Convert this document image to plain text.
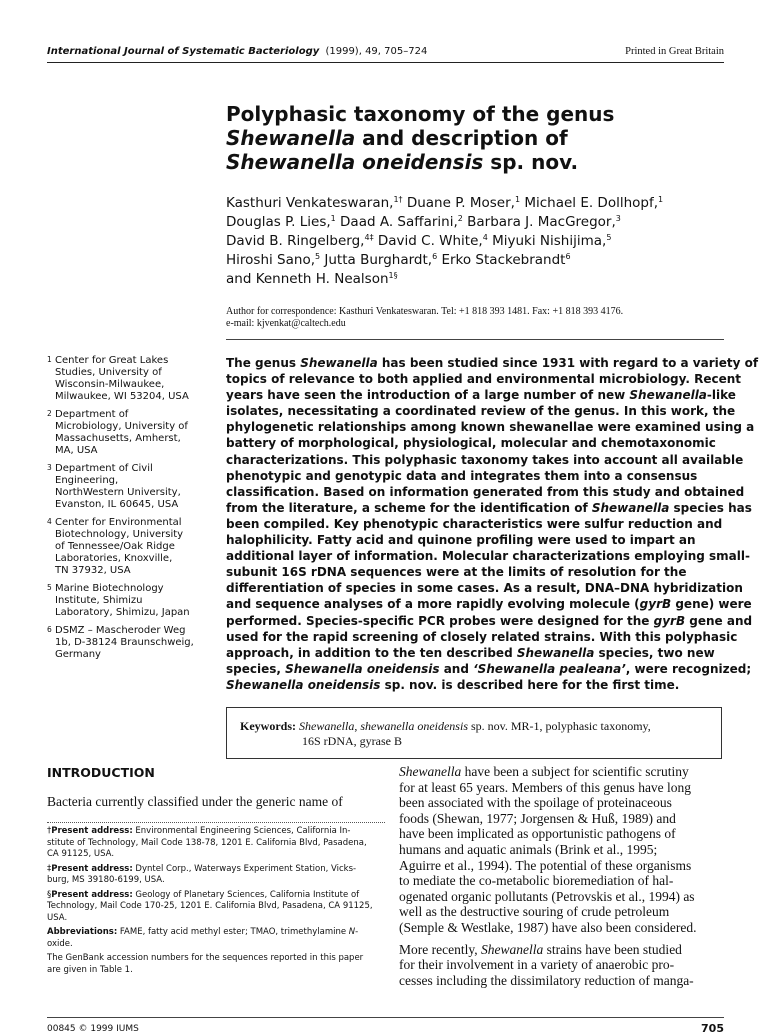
International Journal of Systematic Bacteriology (1999), 49, 705–724	Printed in Great Britain
Polyphasic taxonomy of the genus
Shewanella and description of
Shewanella oneidensis sp. nov.
Kasthuri Venkateswaran,$^{1\dagger}$ Duane P. Moser,$^1$ Michael E. Dollhopf,$^1$
Douglas P. Lies,$^1$ Daad A. Saffarini,$^2$ Barbara J. MacGregor,$^3$
David B. Ringelberg,$^{4\ddagger}$ David C. White,$^4$ Miyuki Nishijima,$^5$
Hiroshi Sano,$^5$ Jutta Burghardt,$^6$ Erko Stackebrandt$^6$
and Kenneth H. Nealson$^{1\S}$
Author for correspondence: Kasthuri Venkateswaran. Tel: +1 818 393 1481. Fax: +1 818 393 4176.
e-mail: kjvenkat@caltech.edu
1 Center for Great Lakes
Studies, University of
Wisconsin-Milwaukee,
Milwaukee, WI 53204, USA
2 Department of
Microbiology, University of
Massachusetts, Amherst,
MA, USA
3 Department of Civil
Engineering,
NorthWestern University,
Evanston, IL 60645, USA
4 Center for Environmental
Biotechnology, University
of Tennessee/Oak Ridge
Laboratories, Knoxville,
TN 37932, USA
5 Marine Biotechnology
Institute, Shimizu
Laboratory, Shimizu, Japan
6 DSMZ – Mascheroder Weg
1b, D-38124 Braunschweig,
Germany
The genus Shewanella has been studied since 1931 with regard to a variety of
topics of relevance to both applied and environmental microbiology. Recent
years have seen the introduction of a large number of new Shewanella-like
isolates, necessitating a coordinated review of the genus. In this work, the
phylogenetic relationships among known shewanellae were examined using a
battery of morphological, physiological, molecular and chemotaxonomic
characterizations. This polyphasic taxonomy takes into account all available
phenotypic and genotypic data and integrates them into a consensus
classification. Based on information generated from this study and obtained
from the literature, a scheme for the identification of Shewanella species has
been compiled. Key phenotypic characteristics were sulfur reduction and
halophilicity. Fatty acid and quinone profiling were used to impart an
additional layer of information. Molecular characterizations employing small-
subunit 16S rDNA sequences were at the limits of resolution for the
differentiation of species in some cases. As a result, DNA–DNA hybridization
and sequence analyses of a more rapidly evolving molecule (gyrB gene) were
performed. Species-specific PCR probes were designed for the gyrB gene and
used for the rapid screening of closely related strains. With this polyphasic
approach, in addition to the ten described Shewanella species, two new
species, Shewanella oneidensis and ‘Shewanella pealeana’, were recognized;
Shewanella oneidensis sp. nov. is described here for the first time.
Keywords: Shewanella, shewanella oneidensis sp. nov. MR-1, polyphasic taxonomy,
16S rDNA, gyrase B
INTRODUCTION
Bacteria currently classified under the generic name of
†Present address: Environmental Engineering Sciences, California In-
stitute of Technology, Mail Code 138-78, 1201 E. California Blvd, Pasadena,
CA 91125, USA.
‡Present address: Dyntel Corp., Waterways Experiment Station, Vicks-
burg, MS 39180-6199, USA.
§Present address: Geology of Planetary Sciences, California Institute of
Technology, Mail Code 170-25, 1201 E. California Blvd, Pasadena, CA 91125,
USA.
Abbreviations: FAME, fatty acid methyl ester; TMAO, trimethylamine N-
oxide.
The GenBank accession numbers for the sequences reported in this paper
are given in Table 1.
Shewanella have been a subject for scientific scrutiny
for at least 65 years. Members of this genus have long
been associated with the spoilage of proteinaceous
foods (Shewan, 1977; Jorgensen & Huß, 1989) and
have been implicated as opportunistic pathogens of
humans and aquatic animals (Brink et al., 1995;
Aguirre et al., 1994). The potential of these organisms
to mediate the co-metabolic bioremediation of hal-
ogenated organic pollutants (Petrovskis et al., 1994) as
well as the destructive souring of crude petroleum
(Semple & Westlake, 1987) have also been considered.
More recently, Shewanella strains have been studied
for their involvement in a variety of anaerobic pro-
cesses including the dissimilatory reduction of manga-
00845 © 1999 IUMS	705
